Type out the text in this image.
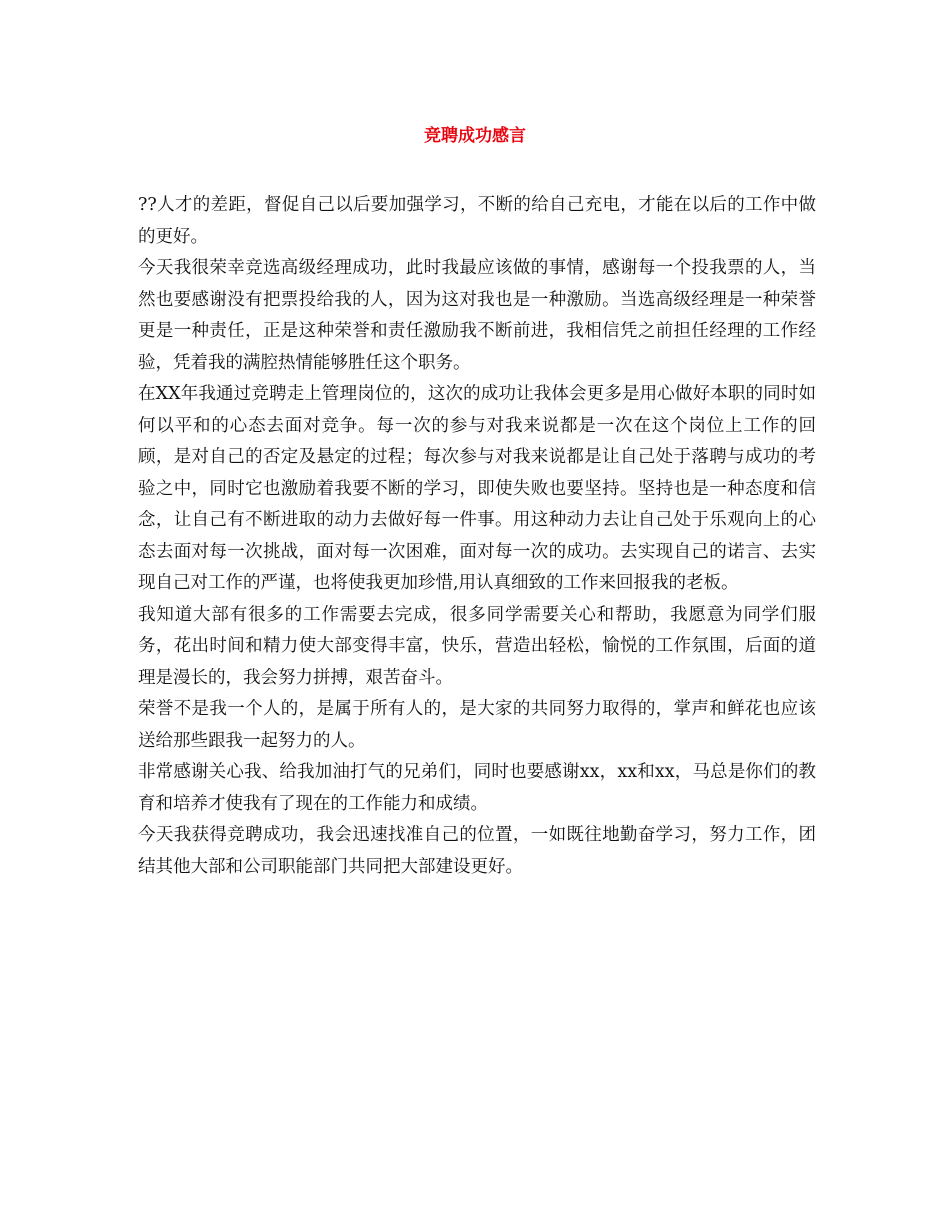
竞聘成功感言

??人才的差距，督促自己以后要加强学习，不断的给自己充电，才能在以后的工作中做的更好。

今天我很荣幸竞选高级经理成功，此时我最应该做的事情，感谢每一个投我票的人，当然也要感谢没有把票投给我的人，因为这对我也是一种激励。当选高级经理是一种荣誉更是一种责任，正是这种荣誉和责任激励我不断前进，我相信凭之前担任经理的工作经验，凭着我的满腔热情能够胜任这个职务。

在XX年我通过竞聘走上管理岗位的，这次的成功让我体会更多是用心做好本职的同时如何以平和的心态去面对竞争。每一次的参与对我来说都是一次在这个岗位上工作的回顾，是对自己的否定及悬定的过程；每次参与对我来说都是让自己处于落聘与成功的考验之中，同时它也激励着我要不断的学习，即使失败也要坚持。坚持也是一种态度和信念，让自己有不断进取的动力去做好每一件事。用这种动力去让自己处于乐观向上的心态去面对每一次挑战，面对每一次困难，面对每一次的成功。去实现自己的诺言、去实现自己对工作的严谨，也将使我更加珍惜,用认真细致的工作来回报我的老板。

我知道大部有很多的工作需要去完成，很多同学需要关心和帮助，我愿意为同学们服务，花出时间和精力使大部变得丰富，快乐，营造出轻松，愉悦的工作氛围，后面的道理是漫长的，我会努力拼搏，艰苦奋斗。

荣誉不是我一个人的，是属于所有人的，是大家的共同努力取得的，掌声和鲜花也应该送给那些跟我一起努力的人。

非常感谢关心我、给我加油打气的兄弟们，同时也要感谢xx，xx和xx，马总是你们的教育和培养才使我有了现在的工作能力和成绩。

今天我获得竞聘成功，我会迅速找准自己的位置，一如既往地勤奋学习，努力工作，团结其他大部和公司职能部门共同把大部建设更好。
